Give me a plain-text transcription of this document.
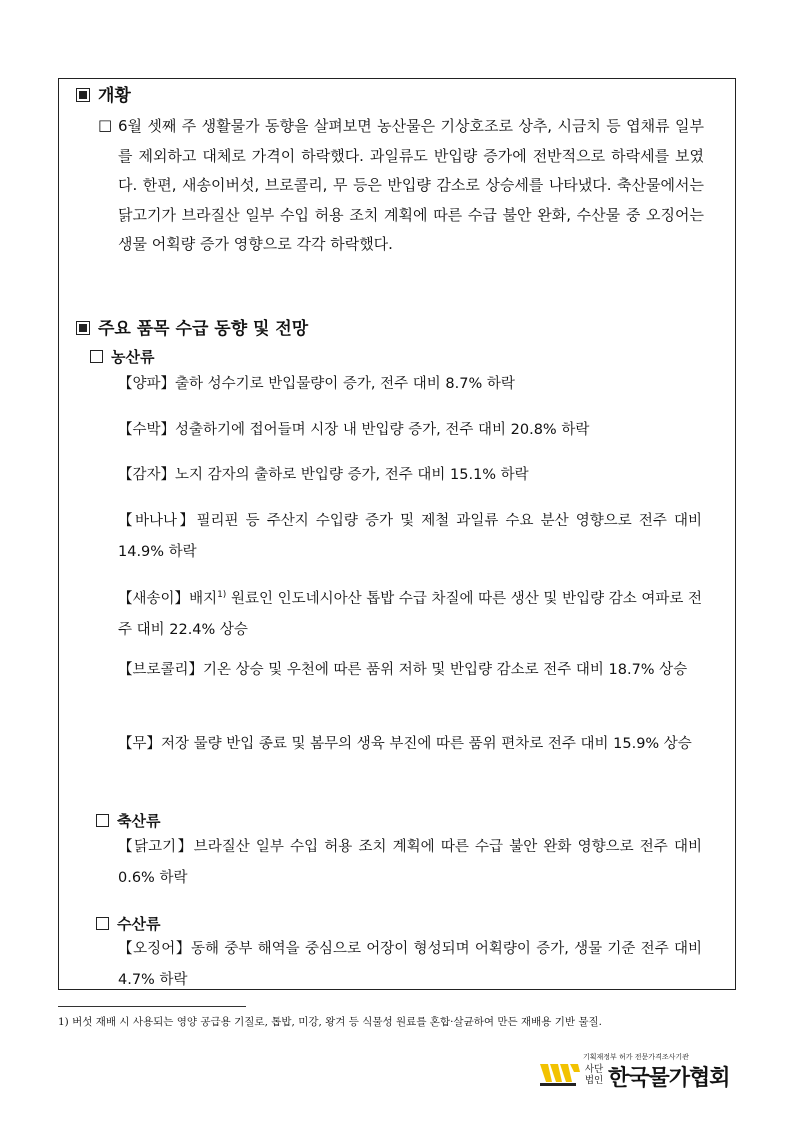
개황
□ 6월 셋째 주 생활물가 동향을 살펴보면 농산물은 기상호조로 상추, 시금치 등 엽채류 일부를 제외하고 대체로 가격이 하락했다. 과일류도 반입량 증가에 전반적으로 하락세를 보였다. 한편, 새송이버섯, 브로콜리, 무 등은 반입량 감소로 상승세를 나타냈다. 축산물에서는 닭고기가 브라질산 일부 수입 허용 조치 계획에 따른 수급 불안 완화, 수산물 중 오징어는 생물 어획량 증가 영향으로 각각 하락했다.
주요 품목 수급 동향 및 전망
농산류
【양파】출하 성수기로 반입물량이 증가, 전주 대비 8.7% 하락
【수박】성출하기에 접어들며 시장 내 반입량 증가, 전주 대비 20.8% 하락
【감자】노지 감자의 출하로 반입량 증가, 전주 대비 15.1% 하락
【바나나】필리핀 등 주산지 수입량 증가 및 제철 과일류 수요 분산 영향으로 전주 대비 14.9% 하락
【새송이】배지$^{1)}$ 원료인 인도네시아산 톱밥 수급 차질에 따른 생산 및 반입량 감소 여파로 전주 대비 22.4% 상승
【브로콜리】기온 상승 및 우천에 따른 품위 저하 및 반입량 감소로 전주 대비 18.7% 상승
【무】저장 물량 반입 종료 및 봄무의 생육 부진에 따른 품위 편차로 전주 대비 15.9% 상승
축산류
【닭고기】브라질산 일부 수입 허용 조치 계획에 따른 수급 불안 완화 영향으로 전주 대비 0.6% 하락
수산류
【오징어】동해 중부 해역을 중심으로 어장이 형성되며 어획량이 증가, 생물 기준 전주 대비 4.7% 하락
1) 버섯 재배 시 사용되는 영양 공급용 기질로, 톱밥, 미강, 왕겨 등 식물성 원료를 혼합·살균하여 만든 재배용 기반 물질.
기획재정부 허가 전문가격조사기관
사단법인 한국물가협회
